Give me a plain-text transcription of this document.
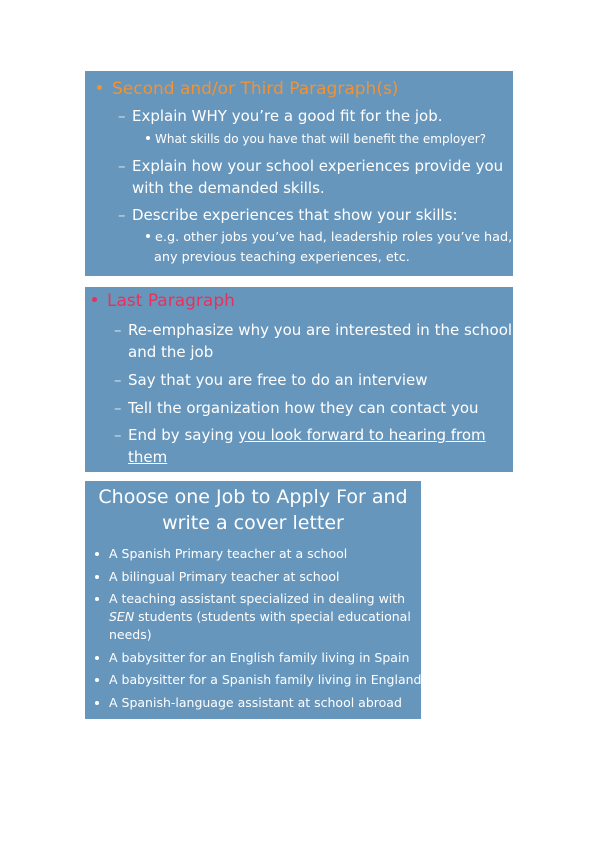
Second and/or Third Paragraph(s)
– Explain WHY you’re a good fit for the job.
What skills do you have that will benefit the employer?
– Explain how your school experiences provide you
with the demanded skills.
– Describe experiences that show your skills:
e.g. other jobs you’ve had, leadership roles you’ve had,
any previous teaching experiences, etc.
Last Paragraph
– Re-emphasize why you are interested in the school
and the job
– Say that you are free to do an interview
– Tell the organization how they can contact you
– End by saying you look forward to hearing from
them
Choose one Job to Apply For and
write a cover letter
A Spanish Primary teacher at a school
A bilingual Primary teacher at school
A teaching assistant specialized in dealing with
SEN students (students with special educational
needs)
A babysitter for an English family living in Spain
A babysitter for a Spanish family living in England
A Spanish-language assistant at school abroad
